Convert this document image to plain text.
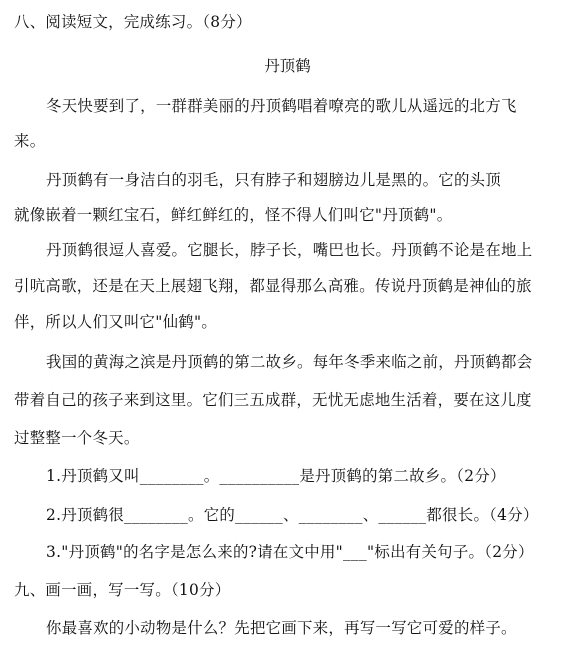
八、阅读短文，完成练习。（8分）
丹顶鹤
冬天快要到了，一群群美丽的丹顶鹤唱着嘹亮的歌儿从遥远的北方飞
来。
丹顶鹤有一身洁白的羽毛，只有脖子和翅膀边儿是黑的。它的头顶
就像嵌着一颗红宝石，鲜红鲜红的，怪不得人们叫它"丹顶鹤"。
丹顶鹤很逗人喜爱。它腿长，脖子长，嘴巴也长。丹顶鹤不论是在地上
引吭高歌，还是在天上展翅飞翔，都显得那么高雅。传说丹顶鹤是神仙的旅
伴，所以人们又叫它"仙鹤"。
我国的黄海之滨是丹顶鹤的第二故乡。每年冬季来临之前，丹顶鹤都会
带着自己的孩子来到这里。它们三五成群，无忧无虑地生活着，要在这儿度
过整整一个冬天。
1.丹顶鹤又叫________。__________是丹顶鹤的第二故乡。（2分）
2.丹顶鹤很________。它的______、________、______都很长。（4分）
3."丹顶鹤"的名字是怎么来的?请在文中用"___"标出有关句子。（2分）
九、画一画，写一写。（10分）
你最喜欢的小动物是什么？先把它画下来，再写一写它可爱的样子。
